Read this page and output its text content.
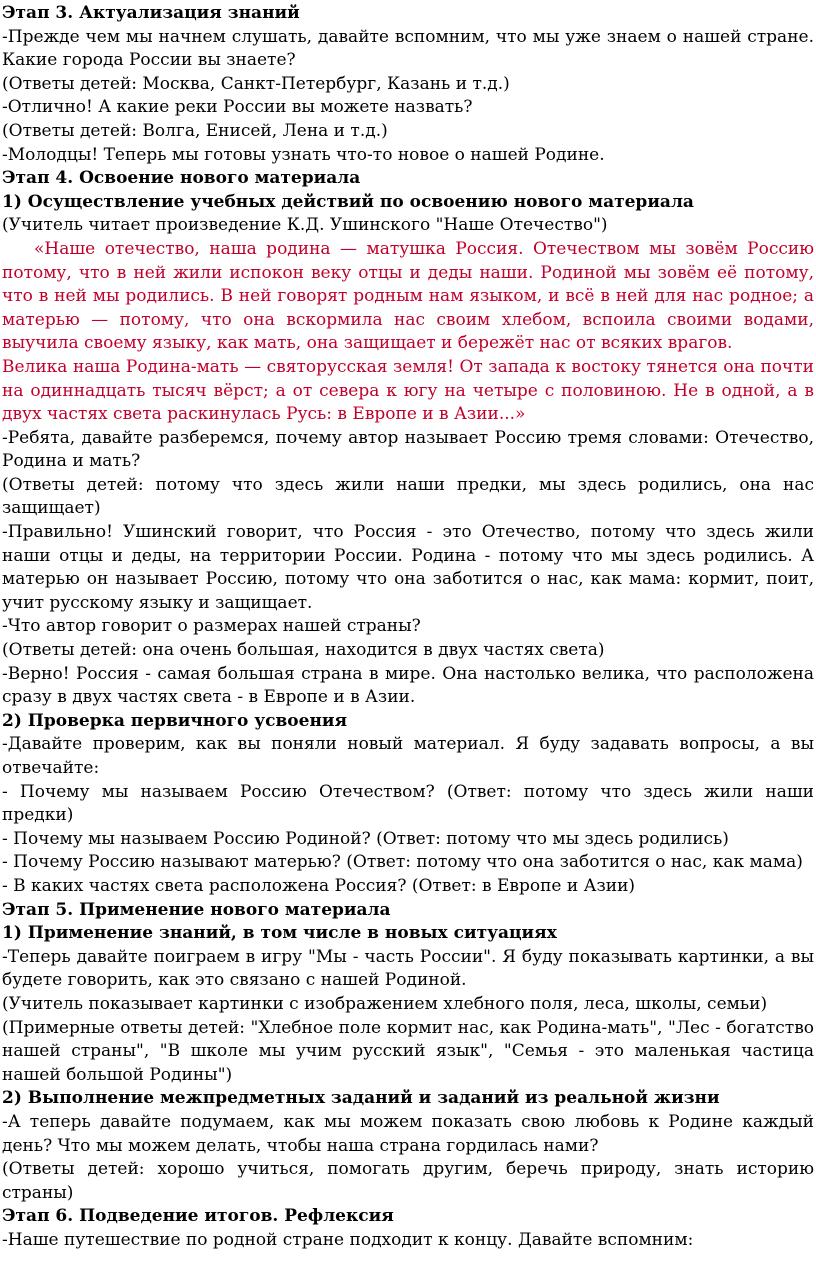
Этап 3. Актуализация знаний

-Прежде чем мы начнем слушать, давайте вспомним, что мы уже знаем о нашей стране. Какие города России вы знаете?

(Ответы детей: Москва, Санкт-Петербург, Казань и т.д.)

-Отлично! А какие реки России вы можете назвать?

(Ответы детей: Волга, Енисей, Лена и т.д.)

-Молодцы! Теперь мы готовы узнать что-то новое о нашей Родине.

Этап 4. Освоение нового материала

1) Осуществление учебных действий по освоению нового материала

(Учитель читает произведение К.Д. Ушинского "Наше Отечество")

«Наше отечество, наша родина — матушка Россия. Отечеством мы зовём Россию потому, что в ней жили испокон веку отцы и деды наши. Родиной мы зовём её потому, что в ней мы родились. В ней говорят родным нам языком, и всё в ней для нас родное; а матерью — потому, что она вскормила нас своим хлебом, вспоила своими водами, выучила своему языку, как мать, она защищает и бережёт нас от всяких врагов.

Велика наша Родина-мать — святорусская земля! От запада к востоку тянется она почти на одиннадцать тысяч вёрст; а от севера к югу на четыре с половиною. Не в одной, а в двух частях света раскинулась Русь: в Европе и в Азии...»

-Ребята, давайте разберемся, почему автор называет Россию тремя словами: Отечество, Родина и мать?

(Ответы детей: потому что здесь жили наши предки, мы здесь родились, она нас защищает)

-Правильно! Ушинский говорит, что Россия - это Отечество, потому что здесь жили наши отцы и деды, на территории России. Родина - потому что мы здесь родились. А матерью он называет Россию, потому что она заботится о нас, как мама: кормит, поит, учит русскому языку и защищает.

-Что автор говорит о размерах нашей страны?

(Ответы детей: она очень большая, находится в двух частях света)

-Верно! Россия - самая большая страна в мире. Она настолько велика, что расположена сразу в двух частях света - в Европе и в Азии.

2) Проверка первичного усвоения

-Давайте проверим, как вы поняли новый материал. Я буду задавать вопросы, а вы отвечайте:

- Почему мы называем Россию Отечеством? (Ответ: потому что здесь жили наши предки)

- Почему мы называем Россию Родиной? (Ответ: потому что мы здесь родились)

- Почему Россию называют матерью? (Ответ: потому что она заботится о нас, как мама)

- В каких частях света расположена Россия? (Ответ: в Европе и Азии)

Этап 5. Применение нового материала

1) Применение знаний, в том числе в новых ситуациях

-Теперь давайте поиграем в игру "Мы - часть России". Я буду показывать картинки, а вы будете говорить, как это связано с нашей Родиной.

(Учитель показывает картинки с изображением хлебного поля, леса, школы, семьи)

(Примерные ответы детей: "Хлебное поле кормит нас, как Родина-мать", "Лес - богатство нашей страны", "В школе мы учим русский язык", "Семья - это маленькая частица нашей большой Родины")

2) Выполнение межпредметных заданий и заданий из реальной жизни

-А теперь давайте подумаем, как мы можем показать свою любовь к Родине каждый день? Что мы можем делать, чтобы наша страна гордилась нами?

(Ответы детей: хорошо учиться, помогать другим, беречь природу, знать историю страны)

Этап 6. Подведение итогов. Рефлексия

-Наше путешествие по родной стране подходит к концу. Давайте вспомним:
